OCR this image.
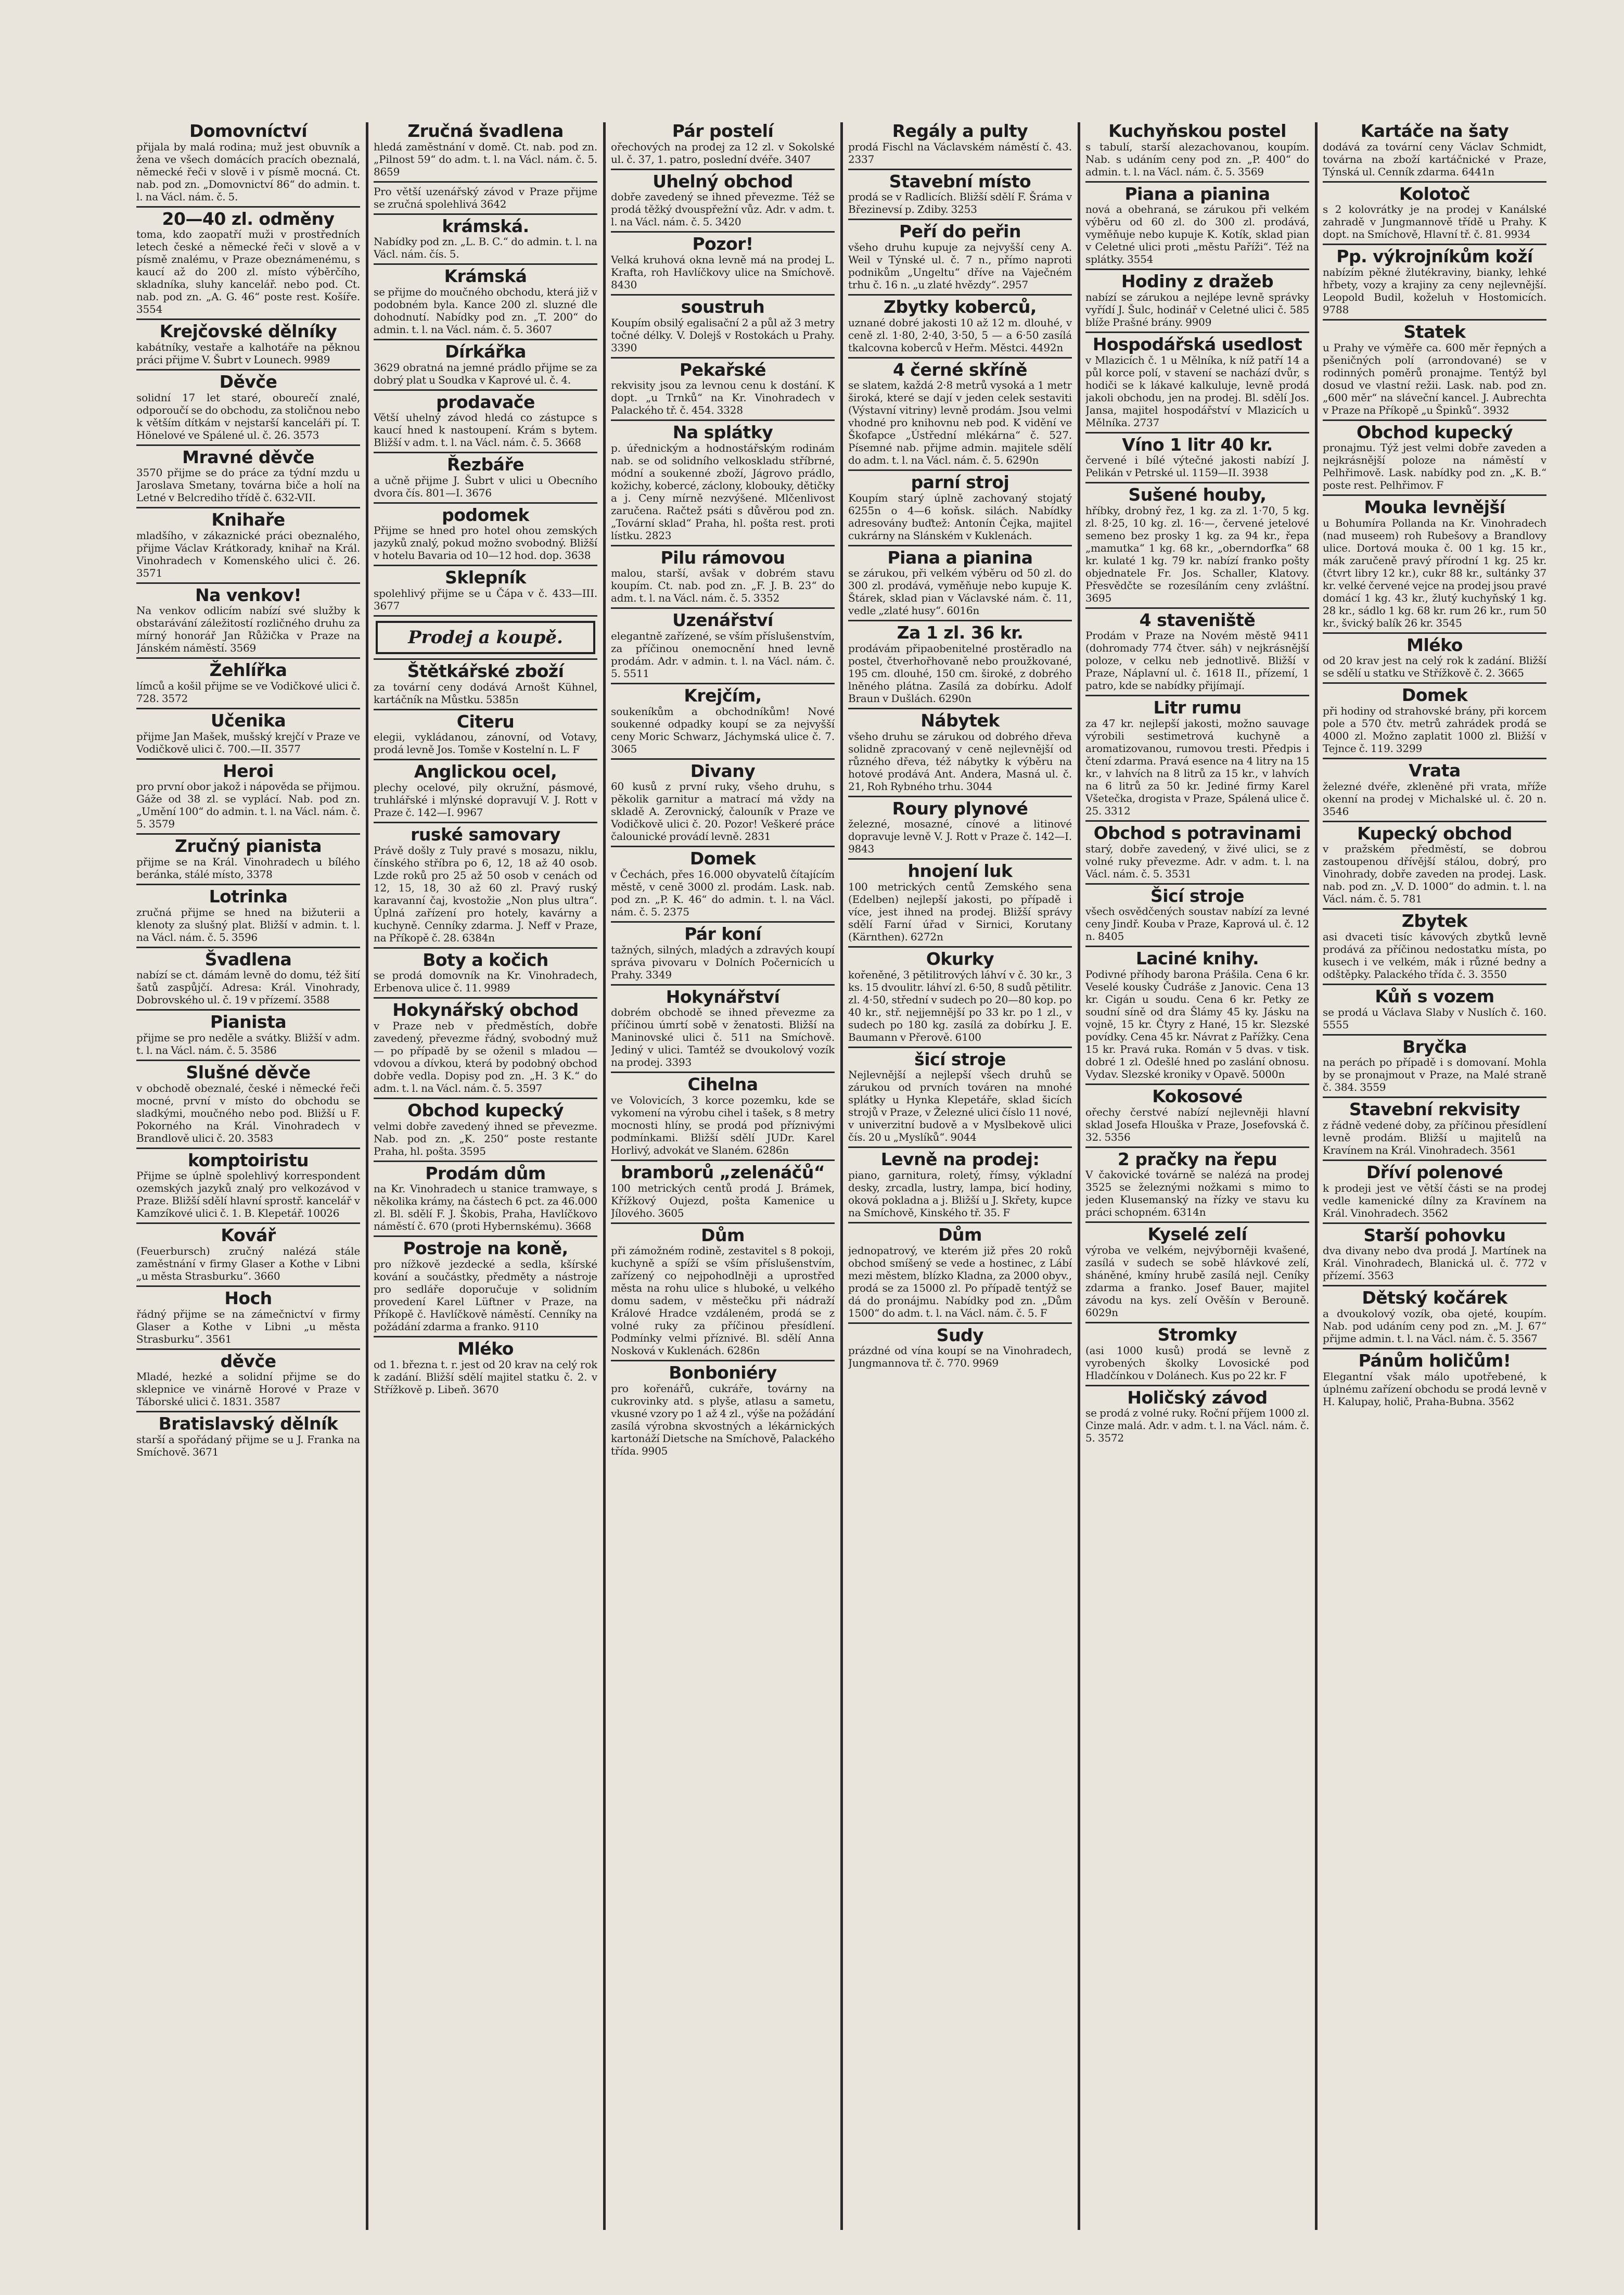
Domovníctví

přijala by malá rodina; muž jest obuvník a žena ve všech domácích pracích obeznalá, německé řeči v slově i v písmě mocná. Ct. nab. pod zn. „Domovnictví 86“ do admin. t. l. na Václ. nám. č. 5.

20—40 zl. odměny

toma, kdo zaopatří muži v prostředních letech české a německé řeči v slově a v písmě znalému, v Praze obeznámenému, s kaucí až do 200 zl. místo výběrčího, skladníka, sluhy kancelář. nebo pod. Ct. nab. pod zn. „A. G. 46“ poste rest. Košíře. 3554

Krejčovské dělníky

kabátníky, vestaře a kalhotáře na pěknou práci přijme V. Šubrt v Lounech. 9989

Děvče

solidní 17 let staré, obourečí znalé, odporoučí se do obchodu, za stoličnou nebo k větším dítkám v nejstarší kanceláři pí. T. Hönelové ve Spálené ul. č. 26. 3573

Mravné děvče

3570 přijme se do práce za týdní mzdu u Jaroslava Smetany, továrna biče a holí na Letné v Belcrediho třídě č. 632-VII.

Knihaře

mladšího, v zákaznické práci obeznalého, přijme Václav Krátkorady, knihař na Král. Vinohradech v Komenského ulici č. 26. 3571

Na venkov!

Na venkov odlicím nabízí své služby k obstarávání záležitostí rozličného druhu za mírný honorář Jan Růžička v Praze na Jánském náměstí. 3569

Žehlířka

límců a košil přijme se ve Vodičkové ulici č. 728. 3572

Učenika

přijme Jan Mašek, mušský krejčí v Praze ve Vodičkově ulici č. 700.—II. 3577

Heroi

pro první obor jakož i nápověda se přijmou. Gáže od 38 zl. se vyplácí. Nab. pod zn. „Umění 100“ do admin. t. l. na Václ. nám. č. 5. 3579

Zručný pianista

přijme se na Král. Vinohradech u bílého beránka, stálé místo, 3378

Lotrinka

zručná přijme se hned na bižuterii a klenoty za slušný plat. Bližší v admin. t. l. na Václ. nám. č. 5. 3596

Švadlena

nabízí se ct. dámám levně do domu, též šití šatů zaspůjčí. Adresa: Král. Vinohrady, Dobrovského ul. č. 19 v přízemí. 3588

Pianista

přijme se pro neděle a svátky. Bližší v adm. t. l. na Václ. nám. č. 5. 3586

Slušné děvče

v obchodě obeznalé, české i německé řeči mocné, první v místo do obchodu se sladkými, moučného nebo pod. Bližší u F. Pokorného na Král. Vinohradech v Brandlově ulici č. 20. 3583

komptoiristu

Přijme se úplně spolehlivý korrespondent ozemských jazyků znalý pro velkozávod v Praze. Bližší sdělí hlavní sprostř. kancelář v Kamzíkové ulici č. 1. B. Klepetář. 10026

Kovář

(Feuerbursch) zručný nalézá stále zaměstnání v firmy Glaser a Kothe v Libni „u města Strasburku“. 3660

Hoch

řádný přijme se na zámečnictví v firmy Glaser a Kothe v Libni „u města Strasburku“. 3561

děvče

Mladé, hezké a solidní přijme se do sklepnice ve vinárně Horové v Praze v Táborské ulici č. 1831. 3587

Bratislavský dělník

starší a spořádaný přijme se u J. Franka na Smíchově. 3671

Zručná švadlena

hledá zaměstnání v domě. Ct. nab. pod zn. „Pilnost 59“ do adm. t. l. na Václ. nám. č. 5. 8659

Pro větší uzenářský závod v Praze přijme se zručná spolehlivá 3642

krámská.

Nabídky pod zn. „L. B. C.“ do admin. t. l. na Václ. nám. čís. 5.

Krámská

se přijme do moučného obchodu, která již v podobném byla. Kance 200 zl. sluzné dle dohodnutí. Nabídky pod zn. „T. 200“ do admin. t. l. na Václ. nám. č. 5. 3607

Dírkářka

3629 obratná na jemné prádlo přijme se za dobrý plat u Soudka v Kaprové ul. č. 4.

prodavače

Větší uhelný závod hledá co zástupce s kaucí hned k nastoupení. Krám s bytem. Bližší v adm. t. l. na Václ. nám. č. 5. 3668

Řezbáře

a učně přijme J. Šubrt v ulici u Obecního dvora čís. 801—I. 3676

podomek

Přijme se hned pro hotel ohou zemských jazyků znalý, pokud možno svobodný. Bližší v hotelu Bavaria od 10—12 hod. dop. 3638

Sklepník

spolehlivý přijme se u Čápa v č. 433—III. 3677

Prodej a koupě.
Štětkářské zboží

za tovární ceny dodává Arnošt Kühnel, kartáčník na Můstku. 5385n

Citeru

elegii, vykládanou, zánovní, od Votavy, prodá levně Jos. Tomše v Kostelní n. L. F

Anglickou ocel,

plechy ocelové, pily okružní, pásmové, truhlářské i mlýnské dopravují V. J. Rott v Praze č. 142—I. 9967

ruské samovary

Právě došly z Tuly pravé s mosazu, niklu, čínského stříbra po 6, 12, 18 až 40 osob. Lzde roků pro 25 až 50 osob v cenách od 12, 15, 18, 30 až 60 zl. Pravý ruský karavanní čaj, kvostožie „Non plus ultra“. Úplná zařízení pro hotely, kavárny a kuchyně. Cenníky zdarma. J. Neff v Praze, na Příkopě č. 28. 6384n

Boty a kočich

se prodá domovník na Kr. Vinohradech, Erbenova ulice č. 11. 9989

Hokynářský obchod

v Praze neb v předměstích, dobře zavedený, převezme řádný, svobodný muž — po případě by se oženil s mladou — vdovou a dívkou, která by podobný obchod dobře vedla. Dopisy pod zn. „H. 3 K.“ do adm. t. l. na Václ. nám. č. 5. 3597

Obchod kupecký

velmi dobře zavedený ihned se převezme. Nab. pod zn. „K. 250“ poste restante Praha, hl. pošta. 3595

Prodám dům

na Kr. Vinohradech u stanice tramwaye, s několika krámy, na částech 6 pct. za 46.000 zl. Bl. sdělí F. J. Škobis, Praha, Havlíčkovo náměstí č. 670 (proti Hybernskému). 3668

Postroje na koně,

pro nížkově jezdecké a sedla, kšírské kování a součástky, předměty a nástroje pro sedláře doporučuje v solidním provedení Karel Lüftner v Praze, na Příkopě č. Havlíčkově náměstí. Cenníky na požádání zdarma a franko. 9110

Mléko

od 1. března t. r. jest od 20 krav na celý rok k zadání. Bližší sdělí majitel statku č. 2. v Střížkově p. Libeň. 3670

Pár postelí

ořechových na prodej za 12 zl. v Sokolské ul. č. 37, 1. patro, poslední dvéře. 3407

Uhelný obchod

dobře zavedený se ihned převezme. Též se prodá těžký dvouspřežní vůz. Adr. v adm. t. l. na Václ. nám. č. 5. 3420

Pozor!

Velká kruhová okna levně má na prodej L. Krafta, roh Havlíčkovy ulice na Smíchově. 8430

soustruh

Koupím obsilý egalisační 2 a půl až 3 metry točné délky. V. Dolejš v Rostokách u Prahy. 3390

Pekařské

rekvisity jsou za levnou cenu k dostání. K dopt. „u Trnků“ na Kr. Vinohradech v Palackého tř. č. 454. 3328

Na splátky

p. úřednickým a hodnostářským rodinám nab. se od solidního velkoskladu stříbrné, módní a soukenné zboží, Jágrovo prádlo, kožichy, kobercé, záclony, klobouky, dětičky a j. Ceny mírně nezvýšené. Mlčenlivost zaručena. Račtež psáti s důvěrou pod zn. „Tovární sklad“ Praha, hl. pošta rest. proti lístku. 2823

Pilu rámovou

malou, starší, avšak v dobrém stavu koupím. Ct. nab. pod zn. „F. J. B. 23“ do adm. t. l. na Václ. nám. č. 5. 3352

Uzenářství

elegantně zařízené, se vším příslušenstvím, za příčinou onemocnění hned levně prodám. Adr. v admin. t. l. na Václ. nám. č. 5. 5511

Krejčím,

soukeníkům a obchodníkům! Nové soukenné odpadky koupí se za nejvyšší ceny Moric Schwarz, Jáchymská ulice č. 7. 3065

Divany

60 kusů z první ruky, všeho druhu, s pěkolik garnitur a matrací má vždy na skladě A. Zerovnický, čalouník v Praze ve Vodičkově ulici č. 20. Pozor! Veškeré práce čalounické provádí levně. 2831

Domek

v Čechách, přes 16.000 obyvatelů čítajícím městě, v ceně 3000 zl. prodám. Lask. nab. pod zn. „P. K. 46“ do admin. t. l. na Václ. nám. č. 5. 2375

Pár koní

tažných, silných, mladých a zdravých koupí správa pivovaru v Dolních Počernicích u Prahy. 3349

Hokynářství

dobrém obchodě se ihned převezme za příčinou úmrtí sobě v ženatosti. Bližší na Maninovské ulici č. 511 na Smíchově. Jediný v ulici. Tamtéž se dvoukolový vozík na prodej. 3393

Cihelna

ve Volovicích, 3 korce pozemku, kde se vykomení na výrobu cihel i tašek, s 8 metry mocnosti hlíny, se prodá pod příznivými podmínkami. Bližší sdělí JUDr. Karel Horlivý, advokát ve Slaném. 6286n

bramborů „zelenáčů“

100 metrických centů prodá J. Brámek, Křížkový Oujezd, pošta Kamenice u Jílového. 3605

Dům

při zámožném rodině, zestavitel s 8 pokoji, kuchyně a spíží se vším příslušenstvím, zařízený co nejpohodlněji a uprostřed města na rohu ulice s hluboké, u velkého domu sadem, v městečku při nádraží Králové Hradce vzdáleném, prodá se z volné ruky za příčinou přesídlení. Podmínky velmi příznivé. Bl. sdělí Anna Nosková v Kuklenách. 6286n

Bonboniéry

pro kořenářů, cukráře, továrny na cukrovinky atd. s plyše, atlasu a sametu, vkusné vzory po 1 až 4 zl., výše na požádání zasílá výrobna skvostných a lékárnických kartonáží Dietsche na Smíchově, Palackého třída. 9905

Regály a pulty

prodá Fischl na Václavském náměstí č. 43. 2337

Stavební místo

prodá se v Radlicích. Bližší sdělí F. Šráma v Březinevsí p. Zdiby. 3253

Peří do peřin

všeho druhu kupuje za nejvyšší ceny A. Weil v Týnské ul. č. 7 n., přímo naproti podnikům „Ungeltu“ dříve na Vaječném trhu č. 16 n. „u zlaté hvězdy“. 2957

Zbytky koberců,

uznané dobré jakosti 10 až 12 m. dlouhé, v ceně zl. 1·80, 2·40, 3·50, 5 — a 6·50 zasílá tkalcovna koberců v Heřm. Městci. 4492n

4 černé skříně

se slatem, každá 2·8 metrů vysoká a 1 metr široká, které se dají v jeden celek sestaviti (Výstavní vitriny) levně prodám. Jsou velmi vhodné pro knihovnu neb pod. K vidění ve Škofapce „Ústřední mlékárna“ č. 527. Písemné nab. přijme admin. majitele sdělí do adm. t. l. na Václ. nám. č. 5. 6290n

parní stroj

Koupím starý úplně zachovaný stojatý 6255n o 4—6 koňsk. silách. Nabídky adresovány buďtež: Antonín Čejka, majitel cukrárny na Slánském v Kuklenách.

Piana a pianina

se zárukou, při velkém výběru od 50 zl. do 300 zl. prodává, vyměňuje nebo kupuje K. Štárek, sklad pian v Václavské nám. č. 11, vedle „zlaté husy“. 6016n

Za 1 zl. 36 kr.

prodávám připaobenitelné prostěradlo na postel, čtverhořhovaně nebo proužkované, 195 cm. dlouhé, 150 cm. široké, z dobrého lněného plátna. Zasílá za dobírku. Adolf Braun v Dušlách. 6290n

Nábytek

všeho druhu se zárukou od dobrého dřeva solidně zpracovaný v ceně nejlevnější od různého dřeva, též nábytky k výběru na hotové prodává Ant. Andera, Masná ul. č. 21, Roh Rybného trhu. 3044

Roury plynové

železné, mosazné, cínové a litinové dopravuje levně V. J. Rott v Praze č. 142—I. 9843

hnojení luk

100 metrických centů Zemského sena (Edelben) nejlepší jakosti, po případě i více, jest ihned na prodej. Bližší správy sdělí Farní úřad v Sirnici, Korutany (Kärnthen). 6272n

Okurky

kořeněné, 3 pětilitrových láhví v č. 30 kr., 3 ks. 15 dvoulitr. láhví zl. 6·50, 8 sudů pětilitr. zl. 4·50, střední v sudech po 20—80 kop. po 40 kr., stř. nejjemnější po 33 kr. po 1 zl., v sudech po 180 kg. zasílá za dobírku J. E. Baumann v Přerově. 6100

šicí stroje

Nejlevnější a nejlepší všech druhů se zárukou od prvních továren na mnohé splátky u Hynka Klepetáře, sklad šicích strojů v Praze, v Železné ulici číslo 11 nové, v univerzitní budově a v Myslbekově ulici čís. 20 u „Myslíků“. 9044

Levně na prodej:

piano, garnitura, roletý, římsy, výkladní desky, zrcadla, lustry, lampa, bicí hodiny, oková pokladna a j. Bližší u J. Skřety, kupce na Smíchově, Kinského tř. 35. F

Dům

jednopatrový, ve kterém již přes 20 roků obchod smíšený se vede a hostinec, z Lábí mezi městem, blízko Kladna, za 2000 obyv., prodá se za 15000 zl. Po případě tentýž se dá do pronájmu. Nabídky pod zn. „Dům 1500“ do adm. t. l. na Václ. nám. č. 5. F

Sudy

prázdné od vína koupí se na Vinohradech, Jungmannova tř. č. 770. 9969

Kuchyňskou postel

s tabulí, starší alezachovanou, koupím. Nab. s udáním ceny pod zn. „P. 400“ do admin. t. l. na Václ. nám. č. 5. 3569

Piana a pianina

nová a obehraná, se zárukou při velkém výběru od 60 zl. do 300 zl. prodává, vyměňuje nebo kupuje K. Kotík, sklad pian v Celetné ulici proti „městu Paříži“. Též na splátky. 3554

Hodiny z dražeb

nabízí se zárukou a nejlépe levně správky vyřídí J. Šulc, hodinář v Celetné ulici č. 585 blíže Prašné brány. 9909

Hospodářská usedlost

v Mlazicích č. 1 u Mělníka, k níž patří 14 a půl korce polí, v stavení se nachází dvůr, s hodiči se k lákavé kalkuluje, levně prodá jakoli obchodu, jen na prodej. Bl. sdělí Jos. Jansa, majitel hospodářství v Mlazicích u Mělníka. 2737

Víno 1 litr 40 kr.

červené i bílé výtečné jakosti nabízí J. Pelikán v Petrské ul. 1159—II. 3938

Sušené houby,

hříbky, drobný řez, 1 kg. za zl. 1·70, 5 kg. zl. 8·25, 10 kg. zl. 16·—, červené jetelové semeno bez prosky 1 kg. za 94 kr., řepa „mamutka“ 1 kg. 68 kr., „oberndorfka“ 68 kr. kulaté 1 kg. 79 kr. nabízí franko pošty objednatele Fr. Jos. Schaller, Klatovy. Přesvědčte se rozesíláním ceny zvláštní. 3695

4 staveniště

Prodám v Praze na Novém městě 9411 (dohromady 774 čtver. sáh) v nejkrásnější poloze, v celku neb jednotlivě. Bližší v Praze, Náplavní ul. č. 1618 II., přízemí, 1 patro, kde se nabídky přijímají.

Litr rumu

za 47 kr. nejlepší jakosti, možno sauvage výrobili sestimetrová kuchyně a aromatizovanou, rumovou tresti. Předpis i čtení zdarma. Pravá esence na 4 litry na 15 kr., v lahvích na 8 litrů za 15 kr., v lahvích na 6 litrů za 50 kr. Jediné firmy Karel Všetečka, drogista v Praze, Spálená ulice č. 25. 3312

Obchod s potravinami

starý, dobře zavedený, v živé ulici, se z volné ruky převezme. Adr. v adm. t. l. na Václ. nám. č. 5. 3531

Šicí stroje

všech osvědčených soustav nabízí za levné ceny Jindř. Kouba v Praze, Kaprová ul. č. 12 n. 8405

Laciné knihy.

Podivné příhody barona Prášila. Cena 6 kr. Veselé kousky Čudráše z Janovic. Cena 13 kr. Cigán u soudu. Cena 6 kr. Petky ze soudní síně od dra Šlámy 45 ky. Jásku na vojně, 15 kr. Čtyry z Hané, 15 kr. Slezské povídky. Cena 45 kr. Návrat z Pařížky. Cena 15 kr. Pravá ruka. Román v 5 dvas. v tisk. dobré 1 zl. Odešlé hned po zaslání obnosu. Vydav. Slezské kroniky v Opavě. 5000n

Kokosové

ořechy čerstvé nabízí nejlevněji hlavní sklad Josefa Hlouška v Praze, Josefovská č. 32. 5356

2 pračky na řepu

V čakovické továrně se nalézá na prodej 3525 se železnými nožkami s mimo to jeden Klusemanský na řízky ve stavu ku práci schopném. 6314n

Kyselé zelí

výroba ve velkém, nejvýborněji kvašené, zasílá v sudech se sobě hlávkové zelí, sháněné, kmíny hrubě zasílá nejl. Ceníky zdarma a franko. Josef Bauer, majitel závodu na kys. zelí Ověšín v Berouně. 6029n

Stromky

(asi 1000 kusů) prodá se levně z vyrobených školky Lovosické pod Hladčínkou v Dolánech. Kus po 22 kr. F

Holičský závod

se prodá z volné ruky. Roční příjem 1000 zl. Cinze malá. Adr. v adm. t. l. na Václ. nám. č. 5. 3572

Kartáče na šaty

dodává za tovární ceny Václav Schmidt, továrna na zboží kartáčnické v Praze, Týnská ul. Cenník zdarma. 6441n

Kolotoč

s 2 kolovrátky je na prodej v Kanálské zahradě v Jungmannově třídě u Prahy. K dopt. na Smíchově, Hlavní tř. č. 81. 9934

Pp. výkrojníkům koží

nabízím pěkné žlutékraviny, bianky, lehké hřbety, vozy a krajiny za ceny nejlevnější. Leopold Budil, koželuh v Hostomicích. 9788

Statek

u Prahy ve výměře ca. 600 měr řepných a pšeničných polí (arrondované) se v rodinných poměrů pronajme. Tentýž byl dosud ve vlastní režii. Lask. nab. pod zn. „600 měr“ na sláveční kancel. J. Aubrechta v Praze na Příkopě „u Špinků“. 3932

Obchod kupecký

pronajmu. Týž jest velmi dobře zaveden a nejkrásnější poloze na náměstí v Pelhřimově. Lask. nabídky pod zn. „K. B.“ poste rest. Pelhřimov. F

Mouka levnější

u Bohumíra Pollanda na Kr. Vinohradech (nad museem) roh Rubešovy a Brandlovy ulice. Dortová mouka č. 00 1 kg. 15 kr., mák zaručeně pravý přírodní 1 kg. 25 kr. (čtvrt libry 12 kr.), cukr 88 kr., sultánky 37 kr. velké červené vejce na prodej jsou pravé domácí 1 kg. 43 kr., žlutý kuchyňský 1 kg. 28 kr., sádlo 1 kg. 68 kr. rum 26 kr., rum 50 kr., švický balík 26 kr. 3545

Mléko

od 20 krav jest na celý rok k zadání. Bližší se sdělí u statku ve Střížkově č. 2. 3665

Domek

při hodiny od strahovské brány, při korcem pole a 570 čtv. metrů zahrádek prodá se 4000 zl. Možno zaplatit 1000 zl. Bližší v Tejnce č. 119. 3299

Vrata

železné dvéře, zkleněné při vrata, mříže okenní na prodej v Michalské ul. č. 20 n. 3546

Kupecký obchod

v pražském předměstí, se dobrou zastoupenou dřívější stálou, dobrý, pro Vinohrady, dobře zaveden na prodej. Lask. nab. pod zn. „V. D. 1000“ do admin. t. l. na Václ. nám. č. 5. 781

Zbytek

asi dvaceti tisíc kávových zbytků levně prodává za příčinou nedostatku místa, po kusech i ve velkém, mák i různé bedny a odštěpky. Palackého třída č. 3. 3550

Kůň s vozem

se prodá u Václava Slaby v Nuslích č. 160. 5555

Bryčka

na perách po případě i s domovaní. Mohla by se pronajmout v Praze, na Malé straně č. 384. 3559

Stavební rekvisity

z řádně vedené doby, za příčinou přesídlení levně prodám. Bližší u majitelů na Kravínem na Král. Vinohradech. 3561

Dříví polenové

k prodeji jest ve větší části se na prodej vedle kamenické dílny za Kravínem na Král. Vinohradech. 3562

Starší pohovku

dva divany nebo dva prodá J. Martínek na Král. Vinohradech, Blanická ul. č. 772 v přízemí. 3563

Dětský kočárek

a dvoukolový vozík, oba ojeté, koupím. Nab. pod udáním ceny pod zn. „M. J. 67“ přijme admin. t. l. na Václ. nám. č. 5. 3567

Pánům holičům!

Elegantní však málo upotřebené, k úplnému zařízení obchodu se prodá levně v H. Kalupay, holič, Praha-Bubna. 3562
